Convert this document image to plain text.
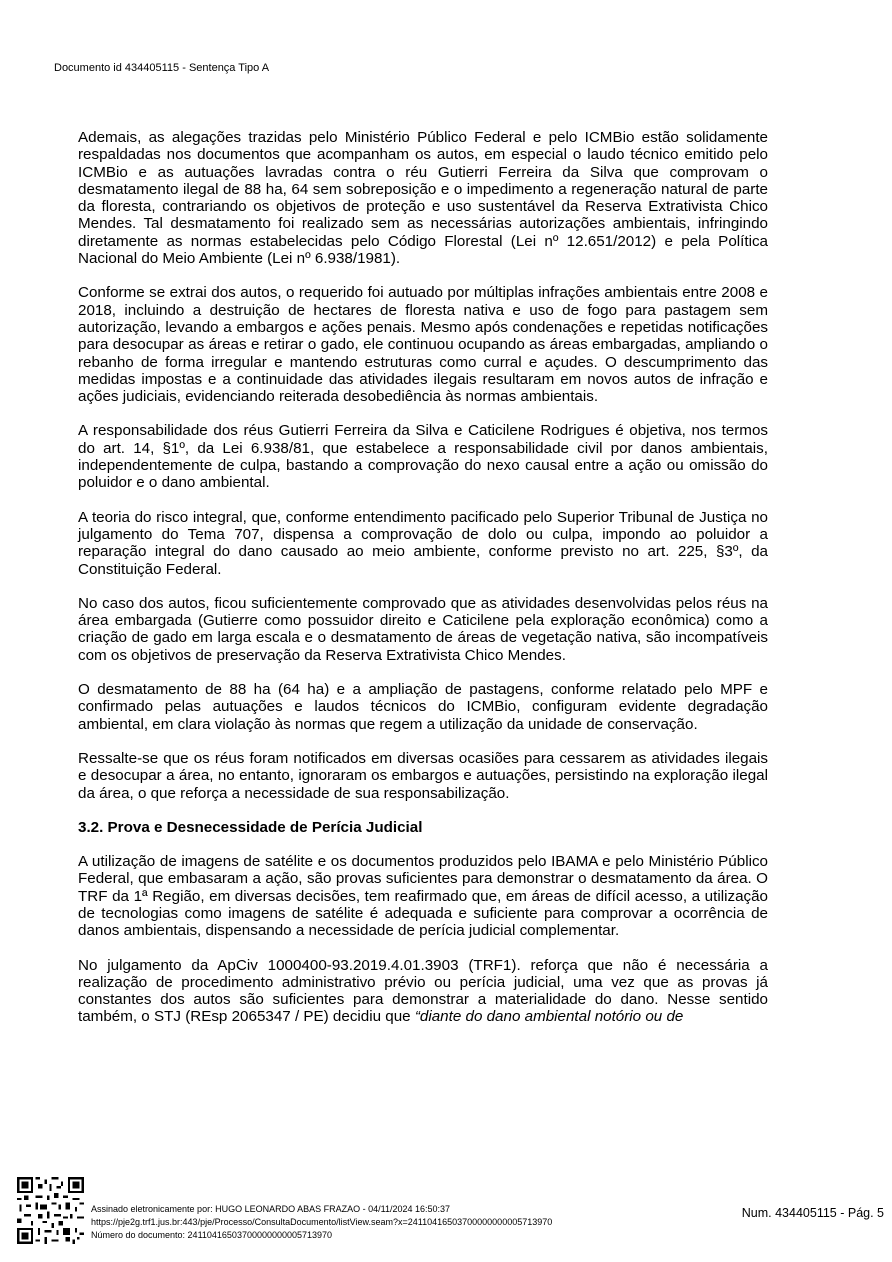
Documento id 434405115 - Sentença Tipo A

Ademais, as alegações trazidas pelo Ministério Público Federal e pelo ICMBio estão solidamente respaldadas nos documentos que acompanham os autos, em especial o laudo técnico emitido pelo ICMBio e as autuações lavradas contra o réu Gutierri Ferreira da Silva que comprovam o desmatamento ilegal de 88 ha, 64 sem sobreposição e o impedimento a regeneração natural de parte da floresta, contrariando os objetivos de proteção e uso sustentável da Reserva Extrativista Chico Mendes. Tal desmatamento foi realizado sem as necessárias autorizações ambientais, infringindo diretamente as normas estabelecidas pelo Código Florestal (Lei nº 12.651/2012) e pela Política Nacional do Meio Ambiente (Lei nº 6.938/1981).

Conforme se extrai dos autos, o requerido foi autuado por múltiplas infrações ambientais entre 2008 e 2018, incluindo a destruição de hectares de floresta nativa e uso de fogo para pastagem sem autorização, levando a embargos e ações penais. Mesmo após condenações e repetidas notificações para desocupar as áreas e retirar o gado, ele continuou ocupando as áreas embargadas, ampliando o rebanho de forma irregular e mantendo estruturas como curral e açudes. O descumprimento das medidas impostas e a continuidade das atividades ilegais resultaram em novos autos de infração e ações judiciais, evidenciando reiterada desobediência às normas ambientais.

A responsabilidade dos réus Gutierri Ferreira da Silva e Caticilene Rodrigues é objetiva, nos termos do art. 14, §1º, da Lei 6.938/81, que estabelece a responsabilidade civil por danos ambientais, independentemente de culpa, bastando a comprovação do nexo causal entre a ação ou omissão do poluidor e o dano ambiental.

A teoria do risco integral, que, conforme entendimento pacificado pelo Superior Tribunal de Justiça no julgamento do Tema 707, dispensa a comprovação de dolo ou culpa, impondo ao poluidor a reparação integral do dano causado ao meio ambiente, conforme previsto no art. 225, §3º, da Constituição Federal.

No caso dos autos, ficou suficientemente comprovado que as atividades desenvolvidas pelos réus na área embargada (Gutierre como possuidor direito e Caticilene pela exploração econômica) como a criação de gado em larga escala e o desmatamento de áreas de vegetação nativa, são incompatíveis com os objetivos de preservação da Reserva Extrativista Chico Mendes.

O desmatamento de 88 ha (64 ha) e a ampliação de pastagens, conforme relatado pelo MPF e confirmado pelas autuações e laudos técnicos do ICMBio, configuram evidente degradação ambiental, em clara violação às normas que regem a utilização da unidade de conservação.

Ressalte-se que os réus foram notificados em diversas ocasiões para cessarem as atividades ilegais e desocupar a área, no entanto, ignoraram os embargos e autuações, persistindo na exploração ilegal da área, o que reforça a necessidade de sua responsabilização.

3.2. Prova e Desnecessidade de Perícia Judicial

A utilização de imagens de satélite e os documentos produzidos pelo IBAMA e pelo Ministério Público Federal, que embasaram a ação, são provas suficientes para demonstrar o desmatamento da área. O TRF da 1ª Região, em diversas decisões, tem reafirmado que, em áreas de difícil acesso, a utilização de tecnologias como imagens de satélite é adequada e suficiente para comprovar a ocorrência de danos ambientais, dispensando a necessidade de perícia judicial complementar.

No julgamento da ApCiv 1000400-93.2019.4.01.3903 (TRF1). reforça que não é necessária a realização de procedimento administrativo prévio ou perícia judicial, uma vez que as provas já constantes dos autos são suficientes para demonstrar a materialidade do dano. Nesse sentido também, o STJ (REsp 2065347 / PE) decidiu que “diante do dano ambiental notório ou de

Assinado eletronicamente por: HUGO LEONARDO ABAS FRAZAO - 04/11/2024 16:50:37
https://pje2g.trf1.jus.br:443/pje/Processo/ConsultaDocumento/listView.seam?x=24110416503700000000005713970
Número do documento: 24110416503700000000005713970
Num. 434405115 - Pág. 5
